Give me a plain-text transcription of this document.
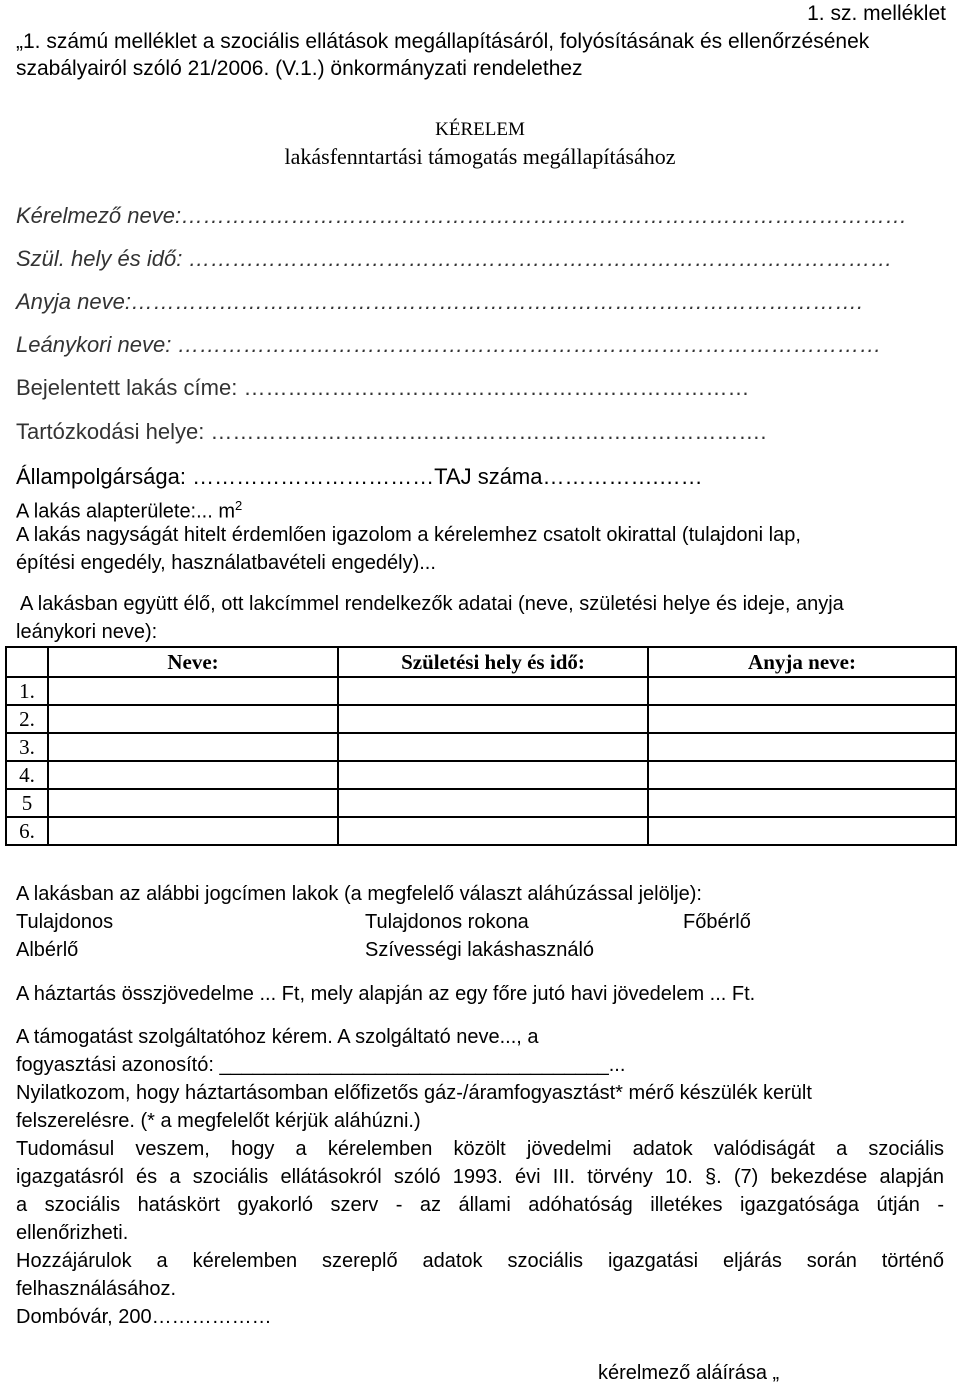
1. sz. melléklet
„1. számú melléklet a szociális ellátások megállapításáról, folyósításának és ellenőrzésének
szabályairól szóló 21/2006. (V.1.) önkormányzati rendelethez
KÉRELEM
lakásfenntartási támogatás megállapításához
Kérelmező neve:………………………………………………………………………………………
Szül. hely és idő: ……………………………………………………………………………………
Anyja neve:……………………………………………………………………………………….
Leánykori neve: ……………………………………………………………………………………
Bejelentett lakás címe: ……………………………………………………………
Tartózkodási helye: ………………………………………………………………….
Állampolgársága: ……………………………TAJ száma…………….……
A lakás alapterülete:... $m^2$
A lakás nagyságát hitelt érdemlően igazolom a kérelemhez csatolt okirattal (tulajdoni lap,
építési engedély, használatbavételi engedély)...
A lakásban együtt élő, ott lakcímmel rendelkezők adatai (neve, születési helye és ideje, anyja
leánykori neve):
	Neve:	Születési hely és idő:	Anyja neve:
1.			
2.			
3.			
4.			
5			
6.			
A lakásban az alábbi jogcímen lakok (a megfelelő választ aláhúzással jelölje):
Tulajdonos	Tulajdonos rokona	Főbérlő
Albérlő	Szívességi lakáshasználó
A háztartás összjövedelme ... Ft, mely alapján az egy főre jutó havi jövedelem ... Ft.
A támogatást szolgáltatóhoz kérem. A szolgáltató neve..., a
fogyasztási azonosító: ___________________________________...
Nyilatkozom, hogy háztartásomban előfizetős gáz-/áramfogyasztást* mérő készülék került
felszerelésre. (* a megfelelőt kérjük aláhúzni.)
Tudomásul veszem, hogy a kérelemben közölt jövedelmi adatok valódiságát a szociális
igazgatásról és a szociális ellátásokról szóló 1993. évi III. törvény 10. §. (7) bekezdése alapján
a szociális hatáskört gyakorló szerv - az állami adóhatóság illetékes igazgatósága útján -
ellenőrizheti.
Hozzájárulok a kérelemben szereplő adatok szociális igazgatási eljárás során történő
felhasználásához.
Dombóvár, 200………………
kérelmező aláírása „
